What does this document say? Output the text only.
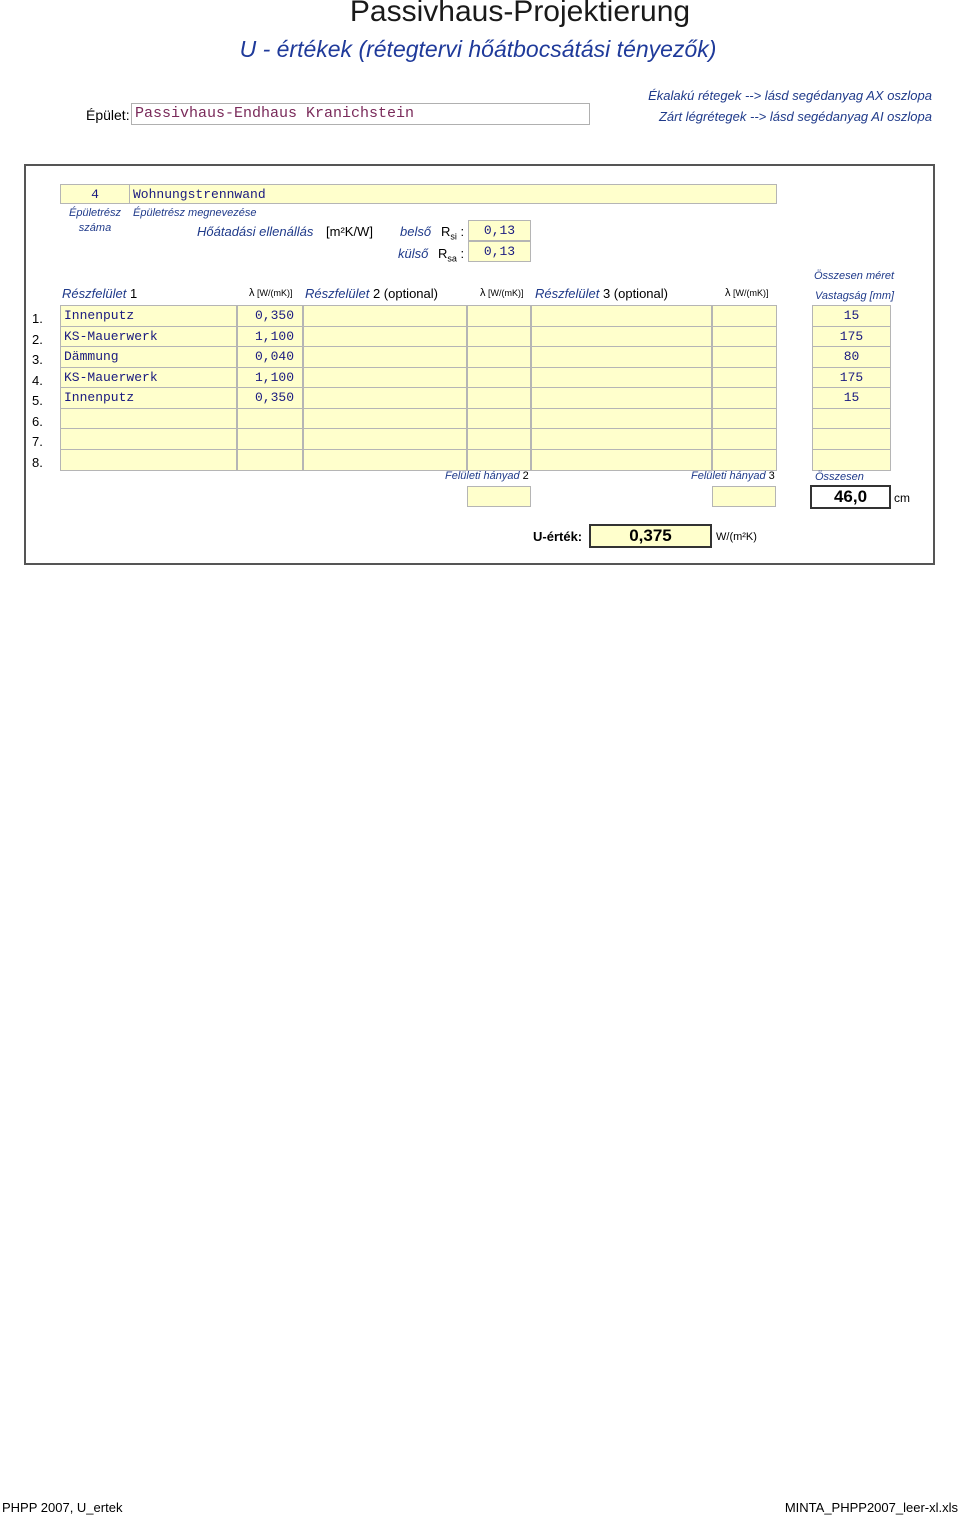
Passivhaus-Projektierung
U - értékek (rétegtervi hőátbocsátási tényezők)
Épület: Passivhaus-Endhaus Kranichstein
Ékalakú rétegek --> lásd segédanyag AX oszlopa
Zárt légrétegek --> lásd segédanyag AI oszlopa
4	Wohnungstrennwand
Épületrész
száma
Épületrész megnevezése
Hőátadási ellenállás [m²K/W] belső $R_{si}$ :	0,13
külső $R_{sa}$ :	0,13
Részfelület 1	λ [W/(mK)] Részfelület 2 (optional)	λ [W/(mK)] Részfelület 3 (optional)	λ [W/(mK)]
Összesen méret
Vastagság [mm]
1.	Innenputz	0,350	15
2.	KS-Mauerwerk	1,100	175
3.	Dämmung	0,040	80
4.	KS-Mauerwerk	1,100	175
5.	Innenputz	0,350	15
6.
7.
8.
Felületi hányad 2	Felületi hányad 3	Összesen
46,0	cm
U-érték:	0,375	W/(m²K)
PHPP 2007, U_ertek	MINTA_PHPP2007_leer-xl.xls
